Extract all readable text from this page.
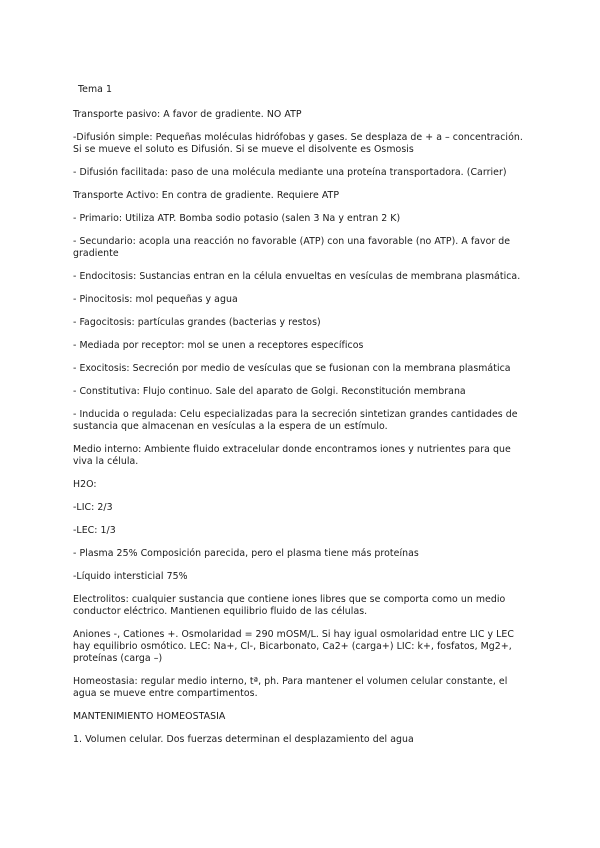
Tema 1

Transporte pasivo: A favor de gradiente. NO ATP

-Difusión simple: Pequeñas moléculas hidrófobas y gases. Se desplaza de + a – concentración. Si se mueve el soluto es Difusión. Si se mueve el disolvente es Osmosis

- Difusión facilitada: paso de una molécula mediante una proteína transportadora. (Carrier)

Transporte Activo: En contra de gradiente. Requiere ATP

- Primario: Utiliza ATP. Bomba sodio potasio (salen 3 Na y entran 2 K)

- Secundario: acopla una reacción no favorable (ATP) con una favorable (no ATP). A favor de gradiente

- Endocitosis: Sustancias entran en la célula envueltas en vesículas de membrana plasmática.

- Pinocitosis: mol pequeñas y agua

- Fagocitosis: partículas grandes (bacterias y restos)

- Mediada por receptor: mol se unen a receptores específicos

- Exocitosis: Secreción por medio de vesículas que se fusionan con la membrana plasmática

- Constitutiva: Flujo continuo. Sale del aparato de Golgi. Reconstitución membrana

- Inducida o regulada: Celu especializadas para la secreción sintetizan grandes cantidades de sustancia que almacenan en vesículas a la espera de un estímulo.

Medio interno: Ambiente fluido extracelular donde encontramos iones y nutrientes para que viva la célula.

H2O:

-LIC: 2/3

-LEC: 1/3

- Plasma 25% Composición parecida, pero el plasma tiene más proteínas

-Líquido intersticial 75%

Electrolitos: cualquier sustancia que contiene iones libres que se comporta como un medio conductor eléctrico. Mantienen equilibrio fluido de las células.

Aniones -, Cationes +. Osmolaridad = 290 mOSM/L. Si hay igual osmolaridad entre LIC y LEC hay equilibrio osmótico. LEC: Na+, Cl-, Bicarbonato, Ca2+ (carga+) LIC: k+, fosfatos, Mg2+, proteínas (carga –)

Homeostasia: regular medio interno, tª, ph. Para mantener el volumen celular constante, el agua se mueve entre compartimentos.

MANTENIMIENTO HOMEOSTASIA

1. Volumen celular. Dos fuerzas determinan el desplazamiento del agua
